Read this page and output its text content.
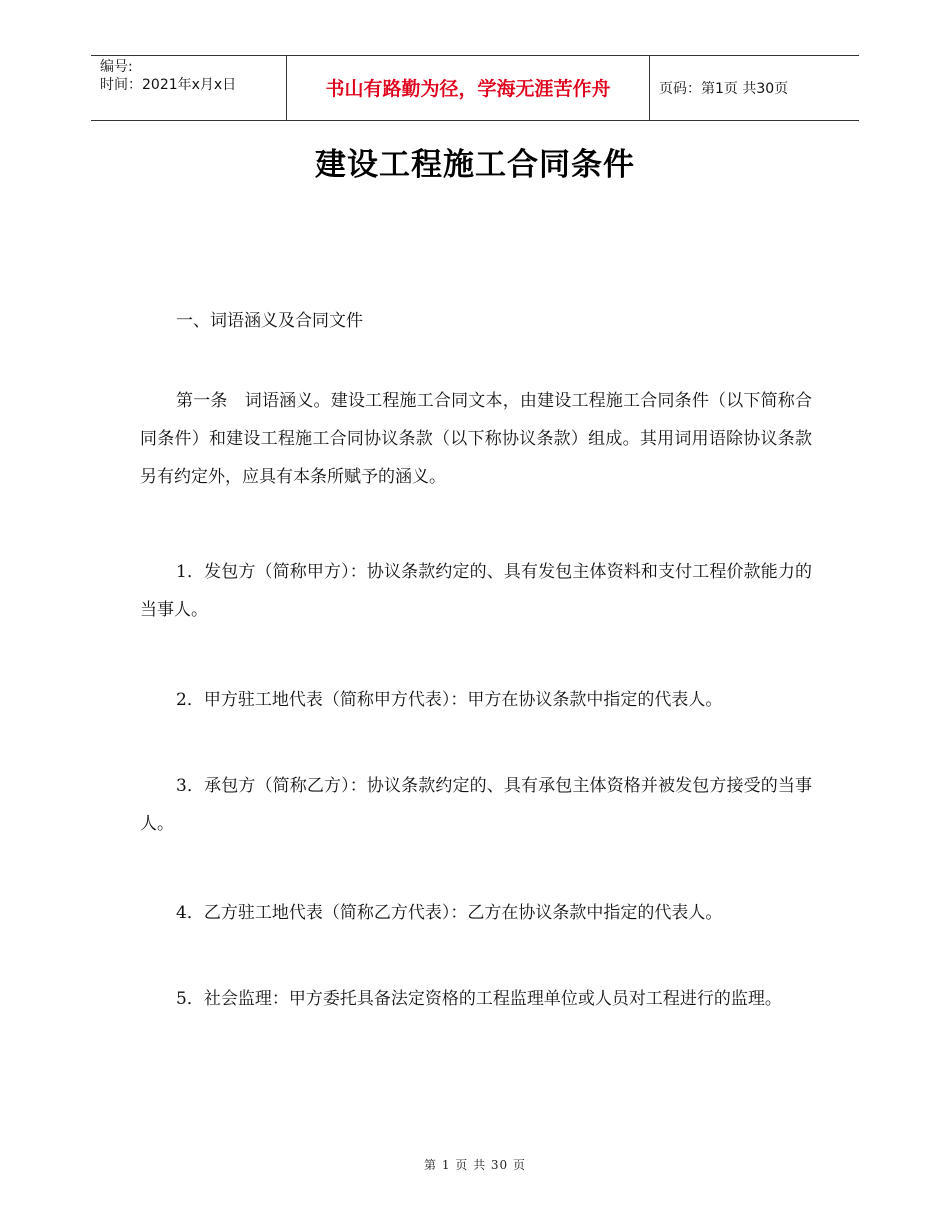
编号:
时间：2021年x月x日	书山有路勤为径，学海无涯苦作舟	页码：第1页 共30页
建设工程施工合同条件
一、词语涵义及合同文件
第一条　词语涵义。建设工程施工合同文本，由建设工程施工合同条件（以下简称合同条件）和建设工程施工合同协议条款（以下称协议条款）组成。其用词用语除协议条款另有约定外，应具有本条所赋予的涵义。
1．发包方（简称甲方）：协议条款约定的、具有发包主体资料和支付工程价款能力的当事人。
2．甲方驻工地代表（简称甲方代表）：甲方在协议条款中指定的代表人。
3．承包方（简称乙方）：协议条款约定的、具有承包主体资格并被发包方接受的当事人。
4．乙方驻工地代表（简称乙方代表）：乙方在协议条款中指定的代表人。
5．社会监理：甲方委托具备法定资格的工程监理单位或人员对工程进行的监理。
第 1 页 共 30 页
